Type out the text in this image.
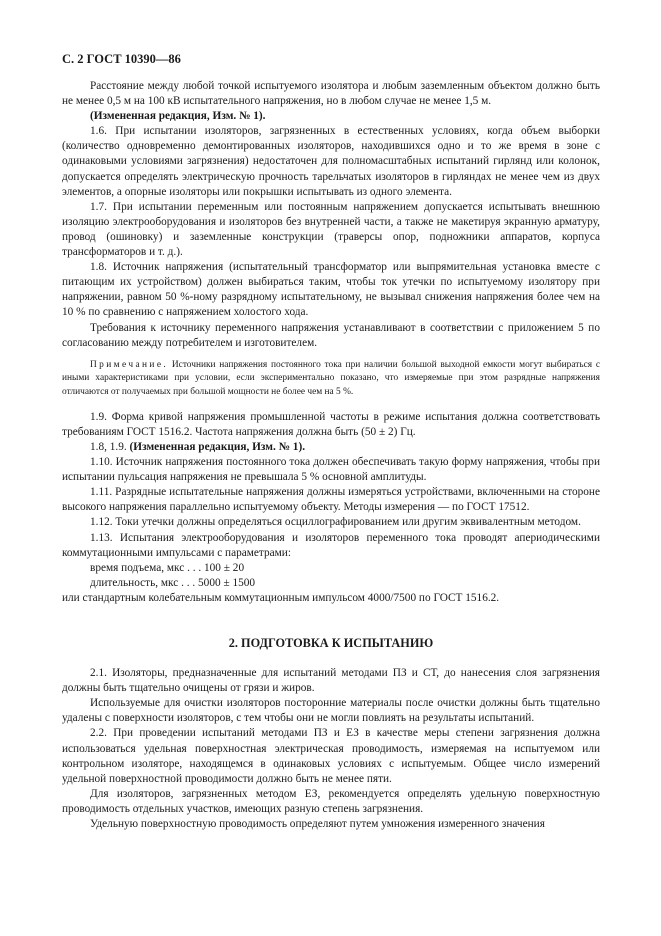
С. 2 ГОСТ 10390—86

Расстояние между любой точкой испытуемого изолятора и любым заземленным объектом должно быть не менее 0,5 м на 100 кВ испытательного напряжения, но в любом случае не менее 1,5 м.

(Измененная редакция, Изм. № 1).

1.6. При испытании изоляторов, загрязненных в естественных условиях, когда объем выборки (количество одновременно демонтированных изоляторов, находившихся одно и то же время в зоне с одинаковыми условиями загрязнения) недостаточен для полномасштабных испытаний гирлянд или колонок, допускается определять электрическую прочность тарельчатых изоляторов в гирляндах не менее чем из двух элементов, а опорные изоляторы или покрышки испытывать из одного элемента.

1.7. При испытании переменным или постоянным напряжением допускается испытывать внешнюю изоляцию электрооборудования и изоляторов без внутренней части, а также не макетируя экранную арматуру, провод (ошиновку) и заземленные конструкции (траверсы опор, подножники аппаратов, корпуса трансформаторов и т. д.).

1.8. Источник напряжения (испытательный трансформатор или выпрямительная установка вместе с питающим их устройством) должен выбираться таким, чтобы ток утечки по испытуемому изолятору при напряжении, равном 50 %-ному разрядному испытательному, не вызывал снижения напряжения более чем на 10 % по сравнению с напряжением холостого хода.

Требования к источнику переменного напряжения устанавливают в соответствии с приложением 5 по согласованию между потребителем и изготовителем.

Примечание. Источники напряжения постоянного тока при наличии большой выходной емкости могут выбираться с иными характеристиками при условии, если экспериментально показано, что измеряемые при этом разрядные напряжения отличаются от получаемых при большой мощности не более чем на 5 %.

1.9. Форма кривой напряжения промышленной частоты в режиме испытания должна соответствовать требованиям ГОСТ 1516.2. Частота напряжения должна быть (50 ± 2) Гц.

1.8, 1.9. (Измененная редакция, Изм. № 1).

1.10. Источник напряжения постоянного тока должен обеспечивать такую форму напряжения, чтобы при испытании пульсация напряжения не превышала 5 % основной амплитуды.

1.11. Разрядные испытательные напряжения должны измеряться устройствами, включенными на стороне высокого напряжения параллельно испытуемому объекту. Методы измерения — по ГОСТ 17512.

1.12. Токи утечки должны определяться осциллографированием или другим эквивалентным методом.

1.13. Испытания электрооборудования и изоляторов переменного тока проводят апериодическими коммутационными импульсами с параметрами:

время подъема, мкс . . . 100 ± 20

длительность, мкс . . . 5000 ± 1500

или стандартным колебательным коммутационным импульсом 4000/7500 по ГОСТ 1516.2.

2. ПОДГОТОВКА К ИСПЫТАНИЮ

2.1. Изоляторы, предназначенные для испытаний методами ПЗ и СТ, до нанесения слоя загрязнения должны быть тщательно очищены от грязи и жиров.

Используемые для очистки изоляторов посторонние материалы после очистки должны быть тщательно удалены с поверхности изоляторов, с тем чтобы они не могли повлиять на результаты испытаний.

2.2. При проведении испытаний методами ПЗ и ЕЗ в качестве меры степени загрязнения должна использоваться удельная поверхностная электрическая проводимость, измеряемая на испытуемом или контрольном изоляторе, находящемся в одинаковых условиях с испытуемым. Общее число измерений удельной поверхностной проводимости должно быть не менее пяти.

Для изоляторов, загрязненных методом ЕЗ, рекомендуется определять удельную поверхностную проводимость отдельных участков, имеющих разную степень загрязнения.

Удельную поверхностную проводимость определяют путем умножения измеренного значения
